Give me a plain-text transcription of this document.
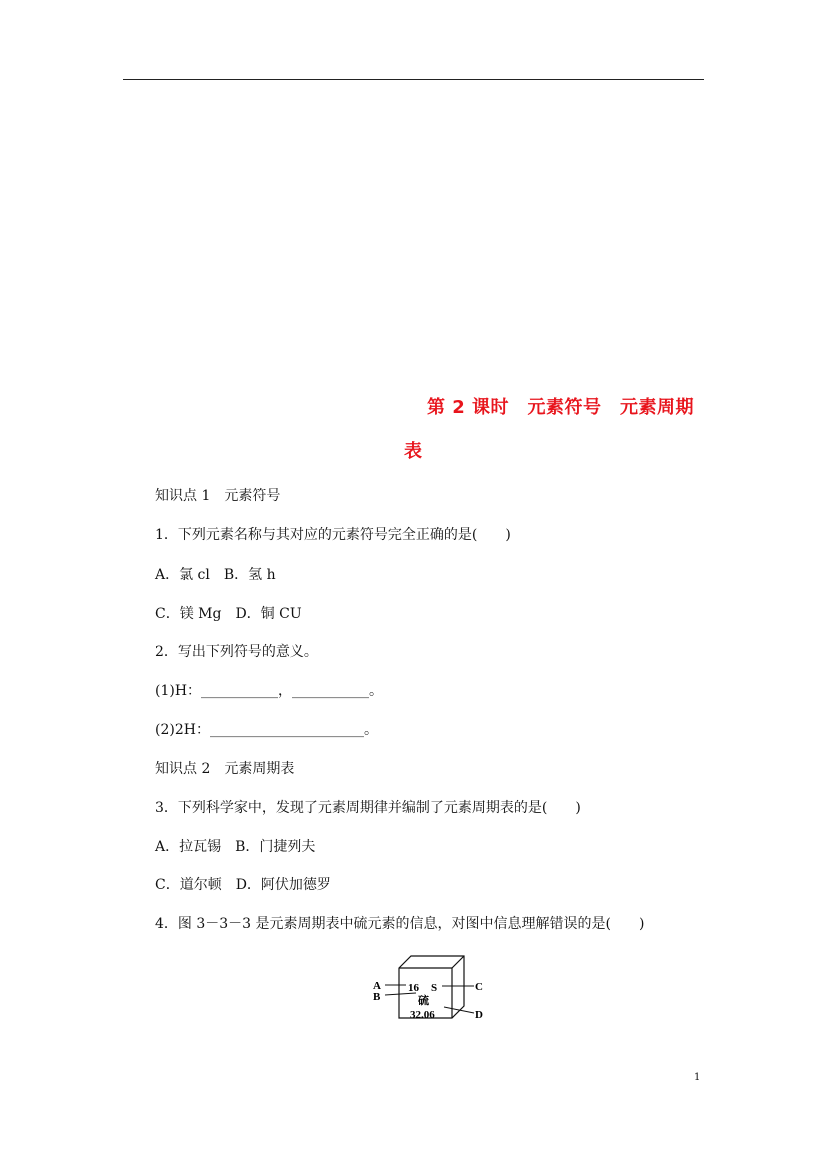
第 2 课时　元素符号　元素周期
表
知识点 1　元素符号
1．下列元素名称与其对应的元素符号完全正确的是(　　)
A．氯 cl　B．氢 h
C．镁 Mg　D．铜 CU
2．写出下列符号的意义。
(1)H：___________，___________。
(2)2H：______________________。
知识点 2　元素周期表
3．下列科学家中，发现了元素周期律并编制了元素周期表的是(　　)
A．拉瓦锡　B．门捷列夫
C．道尔顿　D．阿伏加德罗
4．图 3－3－3 是元素周期表中硫元素的信息，对图中信息理解错误的是(　　)
16 S
硫
32.06
A
B
C
D
1
